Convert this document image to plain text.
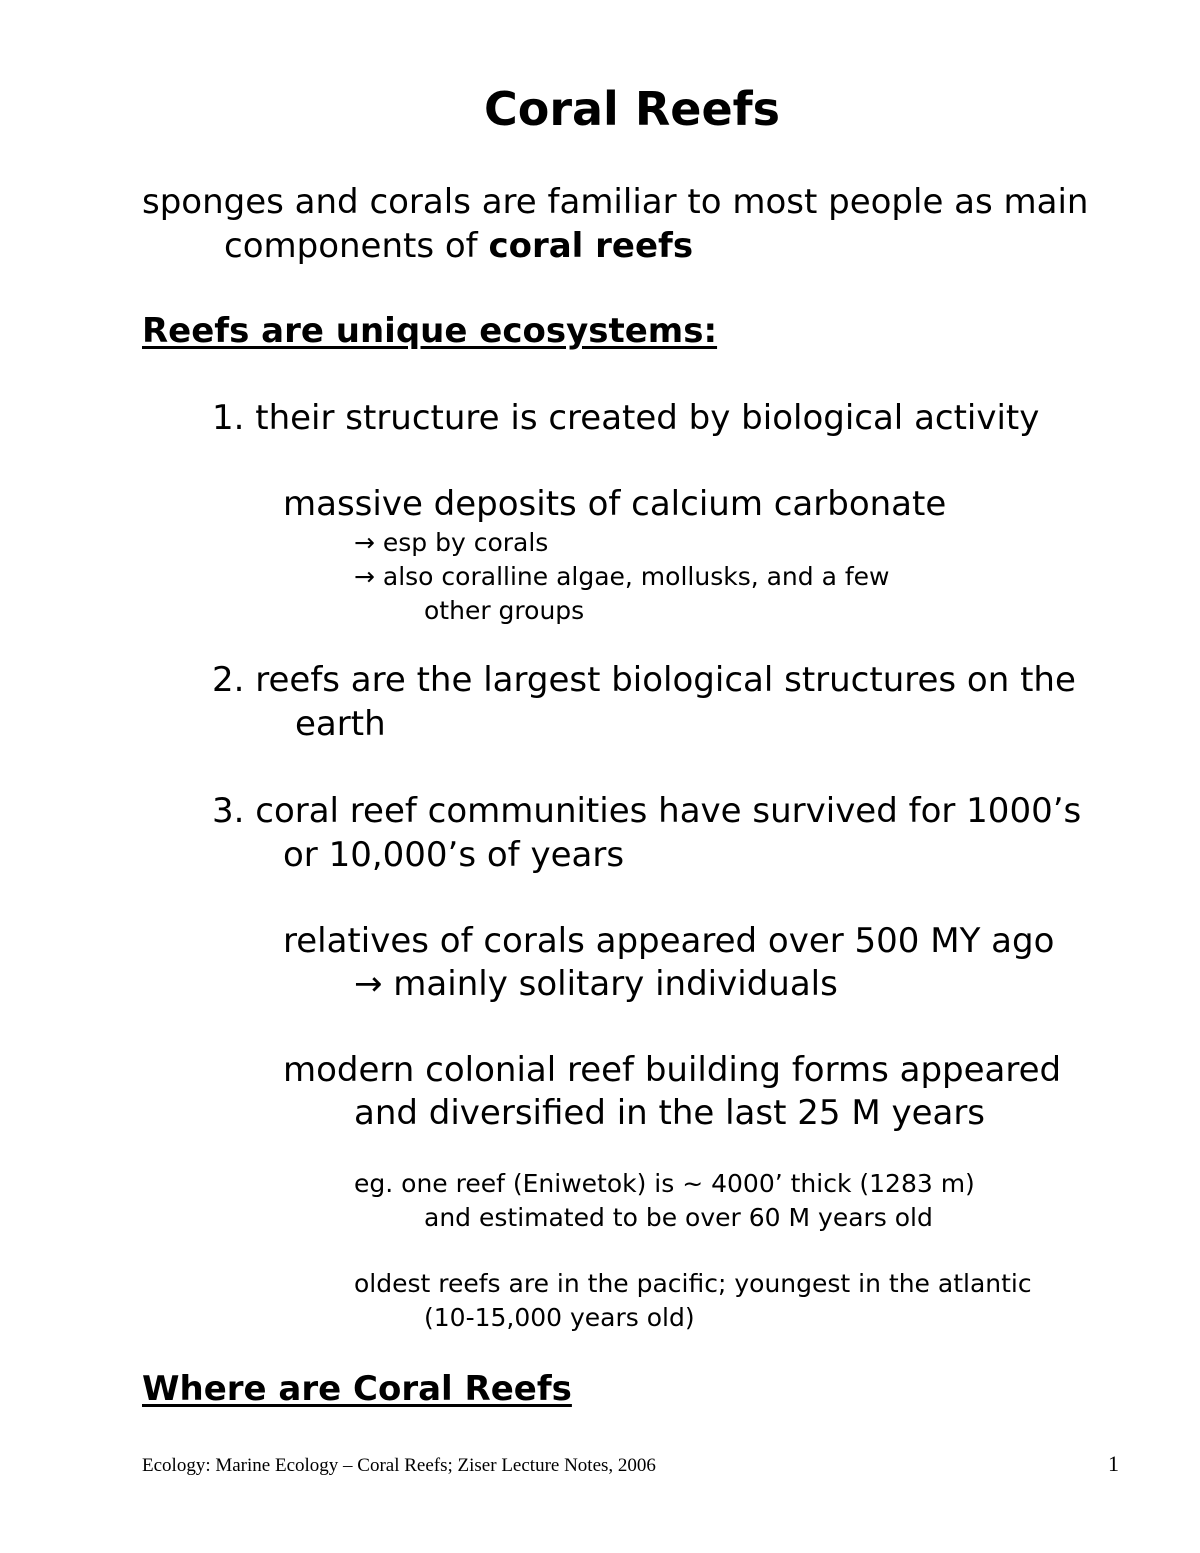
Coral Reefs
sponges and corals are familiar to most people as main
components of coral reefs
Reefs are unique ecosystems:
1. their structure is created by biological activity
massive deposits of calcium carbonate
→ esp by corals
→ also coralline algae, mollusks, and a few
other groups
2. reefs are the largest biological structures on the
earth
3. coral reef communities have survived for 1000’s
or 10,000’s of years
relatives of corals appeared over 500 MY ago
→ mainly solitary individuals
modern colonial reef building forms appeared
and diversified in the last 25 M years
eg. one reef (Eniwetok) is ~ 4000’ thick (1283 m)
and estimated to be over 60 M years old
oldest reefs are in the pacific; youngest in the atlantic
(10-15,000 years old)
Where are Coral Reefs
Ecology: Marine Ecology – Coral Reefs; Ziser Lecture Notes, 2006	1
